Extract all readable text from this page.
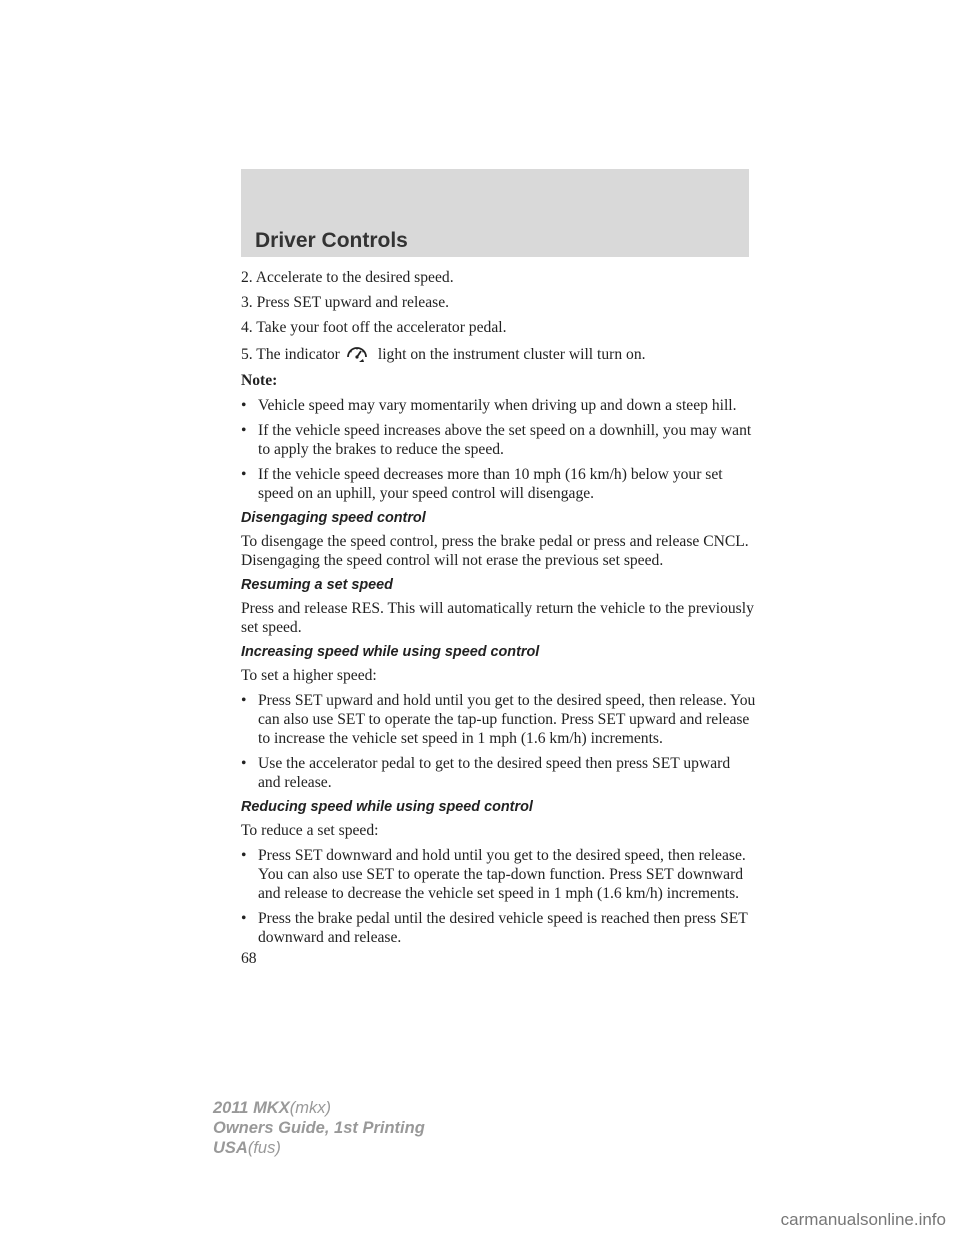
Driver Controls

2. Accelerate to the desired speed.

3. Press SET upward and release.

4. Take your foot off the accelerator pedal.

5. The indicator light on the instrument cluster will turn on.

Note:

• Vehicle speed may vary momentarily when driving up and down a steep hill.
• If the vehicle speed increases above the set speed on a downhill, you may want to apply the brakes to reduce the speed.
• If the vehicle speed decreases more than 10 mph (16 km/h) below your set speed on an uphill, your speed control will disengage.
Disengaging speed control

To disengage the speed control, press the brake pedal or press and release CNCL. Disengaging the speed control will not erase the previous set speed.

Resuming a set speed

Press and release RES. This will automatically return the vehicle to the previously set speed.

Increasing speed while using speed control

To set a higher speed:

• Press SET upward and hold until you get to the desired speed, then release. You can also use SET to operate the tap-up function. Press SET upward and release to increase the vehicle set speed in 1 mph (1.6 km/h) increments.
• Use the accelerator pedal to get to the desired speed then press SET upward and release.
Reducing speed while using speed control

To reduce a set speed:

• Press SET downward and hold until you get to the desired speed, then release. You can also use SET to operate the tap-down function. Press SET downward and release to decrease the vehicle set speed in 1 mph (1.6 km/h) increments.
• Press the brake pedal until the desired vehicle speed is reached then press SET downward and release.
68
2011 MKX(mkx)
Owners Guide, 1st Printing
USA(fus)
carmanualsonline.info
